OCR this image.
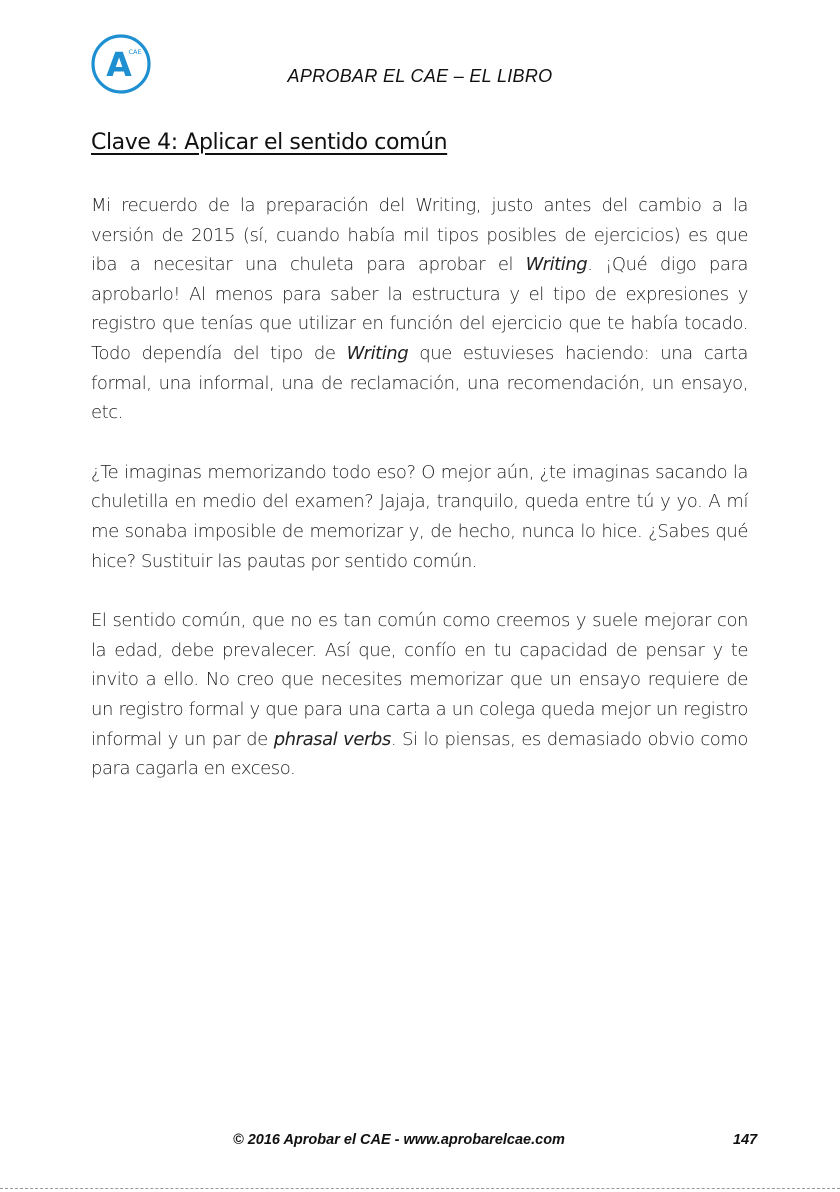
A
CAE
APROBAR EL CAE – EL LIBRO
Clave 4: Aplicar el sentido común

Mi recuerdo de la preparación del Writing, justo antes del cambio a la versión de 2015 (sí, cuando había mil tipos posibles de ejercicios) es que iba a necesitar una chuleta para aprobar el Writing. ¡Qué digo para aprobarlo! Al menos para saber la estructura y el tipo de expresiones y registro que tenías que utilizar en función del ejercicio que te había tocado. Todo dependía del tipo de Writing que estuvieses haciendo: una carta formal, una informal, una de reclamación, una recomendación, un ensayo, etc.

¿Te imaginas memorizando todo eso? O mejor aún, ¿te imaginas sacando la chuletilla en medio del examen? Jajaja, tranquilo, queda entre tú y yo. A mí me sonaba imposible de memorizar y, de hecho, nunca lo hice. ¿Sabes qué hice? Sustituir las pautas por sentido común.

El sentido común, que no es tan común como creemos y suele mejorar con la edad, debe prevalecer. Así que, confío en tu capacidad de pensar y te invito a ello. No creo que necesites memorizar que un ensayo requiere de un registro formal y que para una carta a un colega queda mejor un registro informal y un par de phrasal verbs. Si lo piensas, es demasiado obvio como para cagarla en exceso.

© 2016 Aprobar el CAE - www.aprobarelcae.com	147
